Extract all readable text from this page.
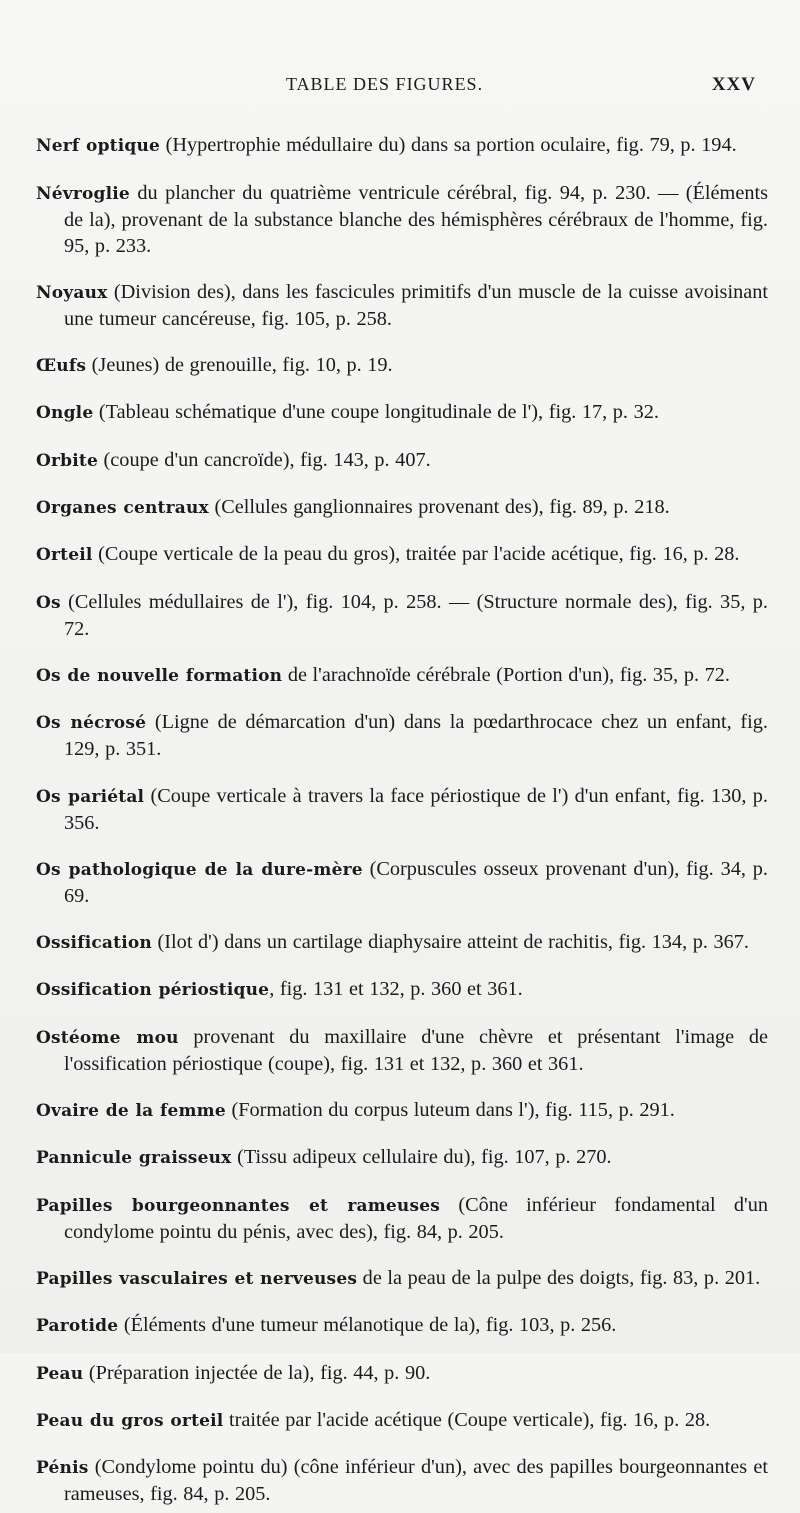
TABLE DES FIGURES.	XXV

Nerf optique (Hypertrophie médullaire du) dans sa portion oculaire, fig. 79, p. 194.

Névroglie du plancher du quatrième ventricule cérébral, fig. 94, p. 230. — (Éléments de la), provenant de la substance blanche des hémisphères cérébraux de l'homme, fig. 95, p. 233.

Noyaux (Division des), dans les fascicules primitifs d'un muscle de la cuisse avoisinant une tumeur cancéreuse, fig. 105, p. 258.

Œufs (Jeunes) de grenouille, fig. 10, p. 19.

Ongle (Tableau schématique d'une coupe longitudinale de l'), fig. 17, p. 32.

Orbite (coupe d'un cancroïde), fig. 143, p. 407.

Organes centraux (Cellules ganglionnaires provenant des), fig. 89, p. 218.

Orteil (Coupe verticale de la peau du gros), traitée par l'acide acétique, fig. 16, p. 28.

Os (Cellules médullaires de l'), fig. 104, p. 258. — (Structure normale des), fig. 35, p. 72.

Os de nouvelle formation de l'arachnoïde cérébrale (Portion d'un), fig. 35, p. 72.

Os nécrosé (Ligne de démarcation d'un) dans la pœdarthrocace chez un enfant, fig. 129, p. 351.

Os pariétal (Coupe verticale à travers la face périostique de l') d'un enfant, fig. 130, p. 356.

Os pathologique de la dure-mère (Corpuscules osseux provenant d'un), fig. 34, p. 69.

Ossification (Ilot d') dans un cartilage diaphysaire atteint de rachitis, fig. 134, p. 367.

Ossification périostique, fig. 131 et 132, p. 360 et 361.

Ostéome mou provenant du maxillaire d'une chèvre et présentant l'image de l'ossification périostique (coupe), fig. 131 et 132, p. 360 et 361.

Ovaire de la femme (Formation du corpus luteum dans l'), fig. 115, p. 291.

Pannicule graisseux (Tissu adipeux cellulaire du), fig. 107, p. 270.

Papilles bourgeonnantes et rameuses (Cône inférieur fondamental d'un condylome pointu du pénis, avec des), fig. 84, p. 205.

Papilles vasculaires et nerveuses de la peau de la pulpe des doigts, fig. 83, p. 201.

Parotide (Éléments d'une tumeur mélanotique de la), fig. 103, p. 256.

Peau (Préparation injectée de la), fig. 44, p. 90.

Peau du gros orteil traitée par l'acide acétique (Coupe verticale), fig. 16, p. 28.

Pénis (Condylome pointu du) (cône inférieur d'un), avec des papilles bourgeonnantes et rameuses, fig. 84, p. 205.
